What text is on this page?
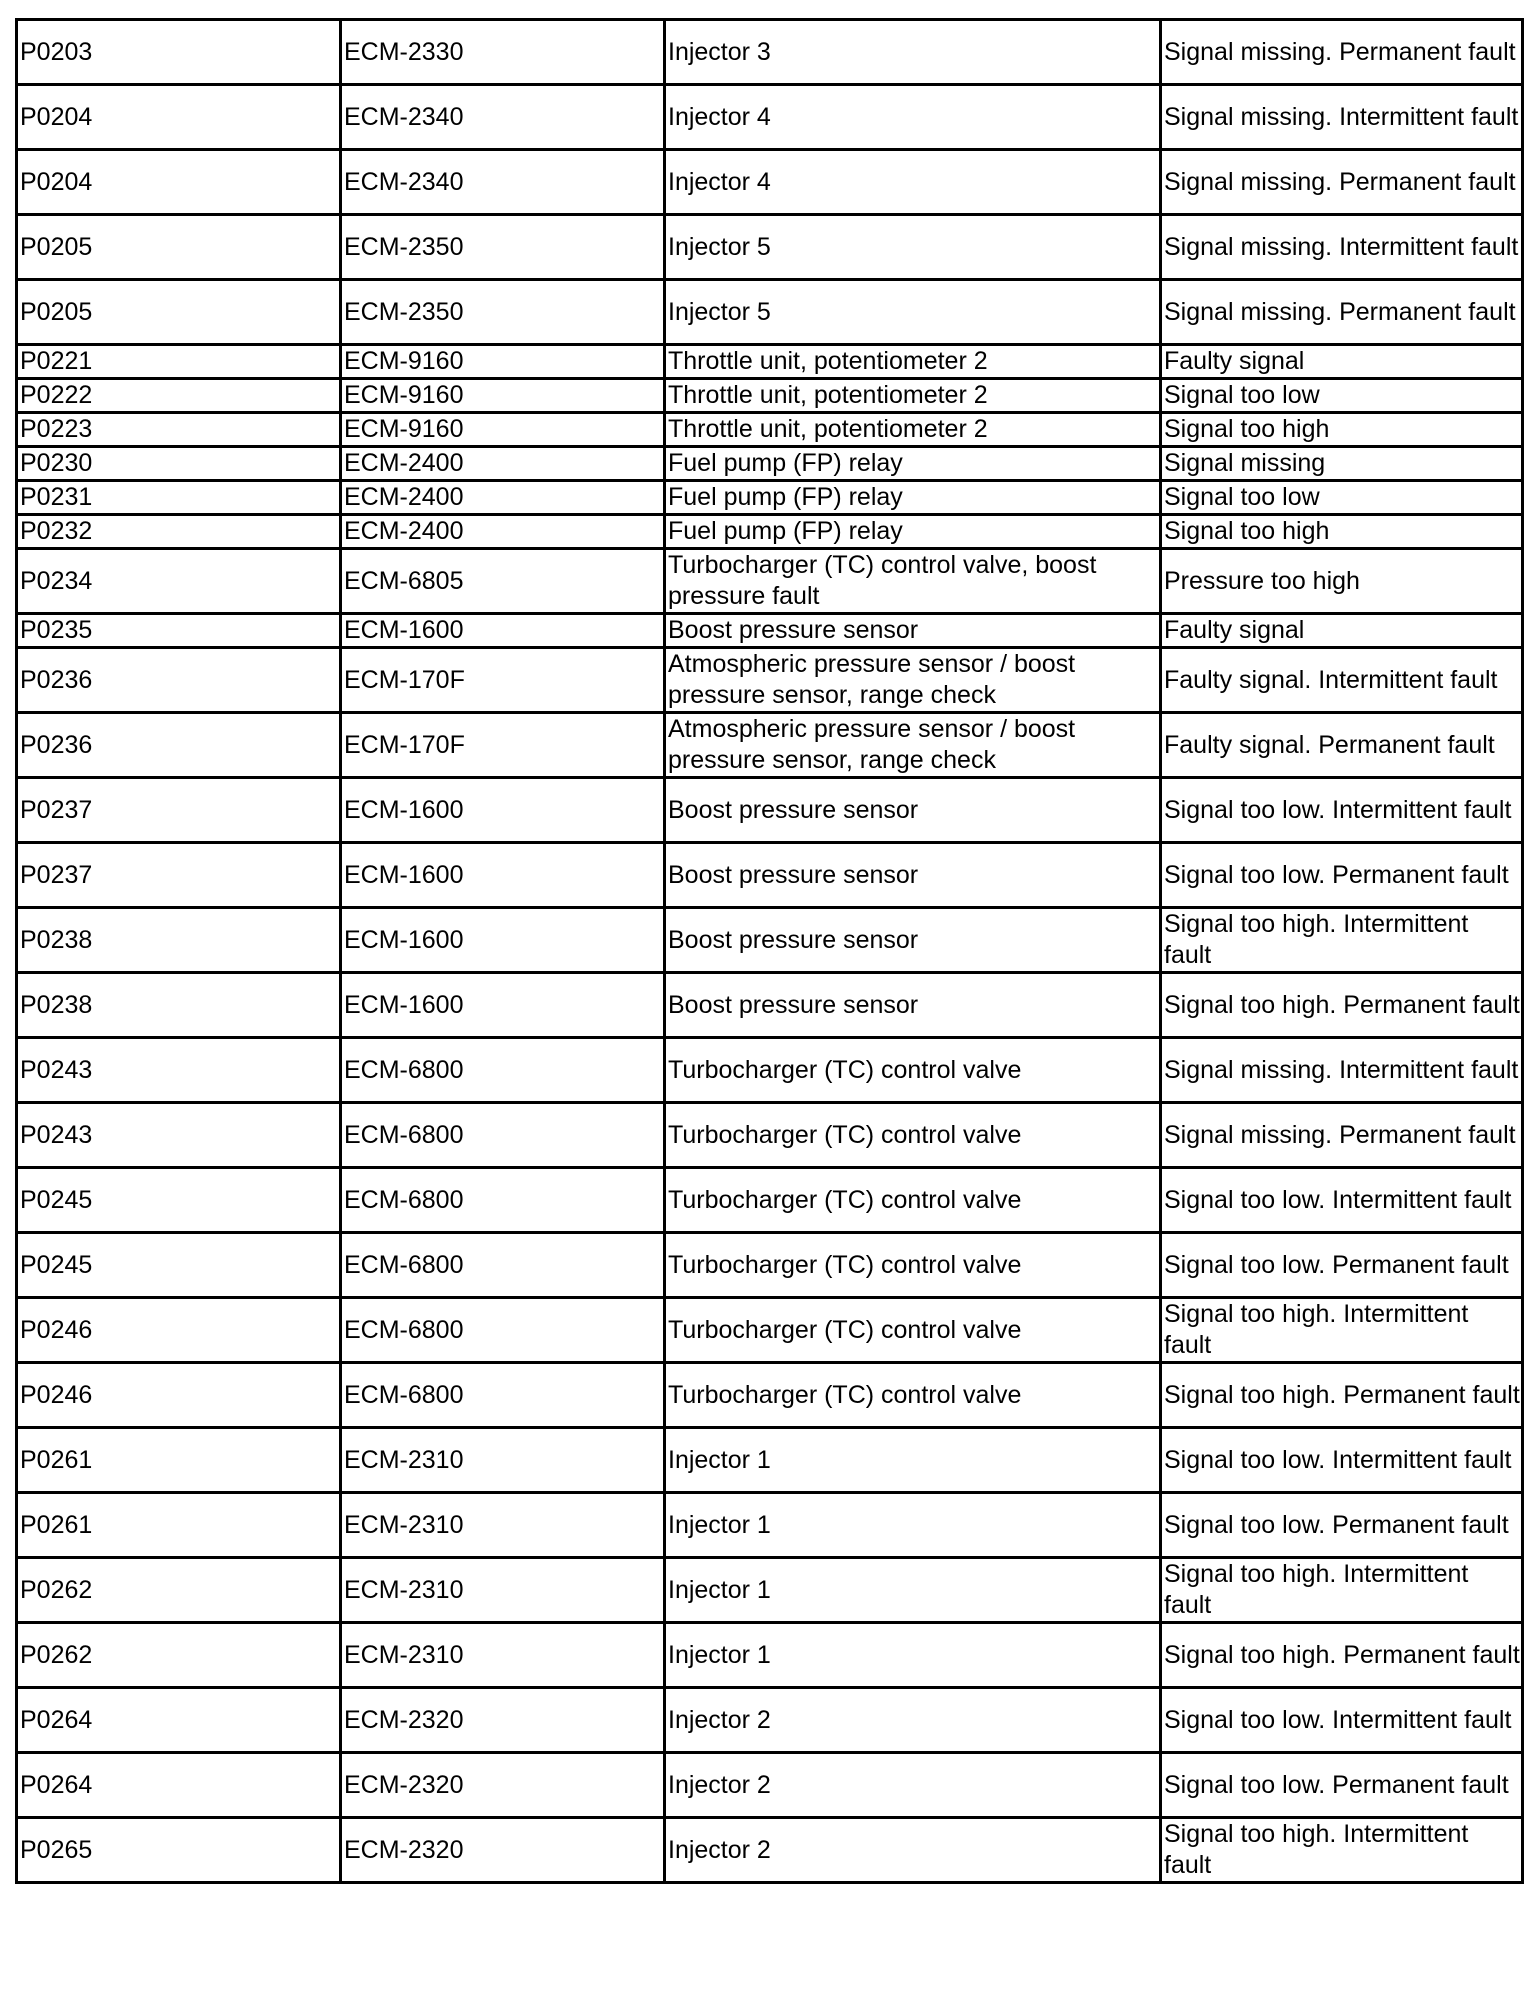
P0203	ECM-2330	Injector 3	Signal missing. Permanent fault
P0204	ECM-2340	Injector 4	Signal missing. Intermittent fault
P0204	ECM-2340	Injector 4	Signal missing. Permanent fault
P0205	ECM-2350	Injector 5	Signal missing. Intermittent fault
P0205	ECM-2350	Injector 5	Signal missing. Permanent fault
P0221	ECM-9160	Throttle unit, potentiometer 2	Faulty signal
P0222	ECM-9160	Throttle unit, potentiometer 2	Signal too low
P0223	ECM-9160	Throttle unit, potentiometer 2	Signal too high
P0230	ECM-2400	Fuel pump (FP) relay	Signal missing
P0231	ECM-2400	Fuel pump (FP) relay	Signal too low
P0232	ECM-2400	Fuel pump (FP) relay	Signal too high
P0234	ECM-6805	Turbocharger (TC) control valve, boost pressure fault	Pressure too high
P0235	ECM-1600	Boost pressure sensor	Faulty signal
P0236	ECM-170F	Atmospheric pressure sensor / boost pressure sensor, range check	Faulty signal. Intermittent fault
P0236	ECM-170F	Atmospheric pressure sensor / boost pressure sensor, range check	Faulty signal. Permanent fault
P0237	ECM-1600	Boost pressure sensor	Signal too low. Intermittent fault
P0237	ECM-1600	Boost pressure sensor	Signal too low. Permanent fault
P0238	ECM-1600	Boost pressure sensor	Signal too high. Intermittent fault
P0238	ECM-1600	Boost pressure sensor	Signal too high. Permanent fault
P0243	ECM-6800	Turbocharger (TC) control valve	Signal missing. Intermittent fault
P0243	ECM-6800	Turbocharger (TC) control valve	Signal missing. Permanent fault
P0245	ECM-6800	Turbocharger (TC) control valve	Signal too low. Intermittent fault
P0245	ECM-6800	Turbocharger (TC) control valve	Signal too low. Permanent fault
P0246	ECM-6800	Turbocharger (TC) control valve	Signal too high. Intermittent fault
P0246	ECM-6800	Turbocharger (TC) control valve	Signal too high. Permanent fault
P0261	ECM-2310	Injector 1	Signal too low. Intermittent fault
P0261	ECM-2310	Injector 1	Signal too low. Permanent fault
P0262	ECM-2310	Injector 1	Signal too high. Intermittent fault
P0262	ECM-2310	Injector 1	Signal too high. Permanent fault
P0264	ECM-2320	Injector 2	Signal too low. Intermittent fault
P0264	ECM-2320	Injector 2	Signal too low. Permanent fault
P0265	ECM-2320	Injector 2	Signal too high. Intermittent fault
